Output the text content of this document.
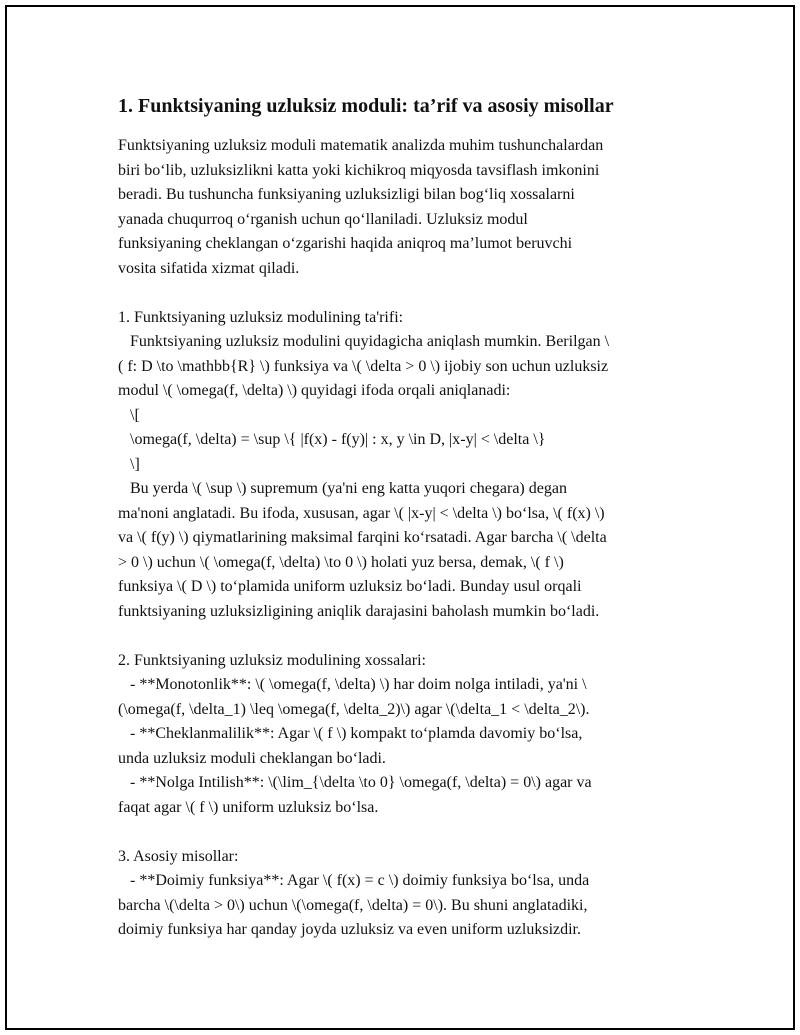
1. Funktsiyaning uzluksiz moduli: ta’rif va asosiy misollar

Funktsiyaning uzluksiz moduli matematik analizda muhim tushunchalardan
biri bo‘lib, uzluksizlikni katta yoki kichikroq miqyosda tavsiflash imkonini
beradi. Bu tushuncha funksiyaning uzluksizligi bilan bog‘liq xossalarni
yanada chuqurroq o‘rganish uchun qo‘llaniladi. Uzluksiz modul
funksiyaning cheklangan o‘zgarishi haqida aniqroq ma’lumot beruvchi
vosita sifatida xizmat qiladi.

1. Funktsiyaning uzluksiz modulining ta'rifi:
Funktsiyaning uzluksiz modulini quyidagicha aniqlash mumkin. Berilgan \
( f: D \to \mathbb{R} \) funksiya va \( \delta > 0 \) ijobiy son uchun uzluksiz
modul \( \omega(f, \delta) \) quyidagi ifoda orqali aniqlanadi:
\[
\omega(f, \delta) = \sup \{ |f(x) - f(y)| : x, y \in D, |x-y| < \delta \}
\]
Bu yerda \( \sup \) supremum (ya'ni eng katta yuqori chegara) degan
ma'noni anglatadi. Bu ifoda, xususan, agar \( |x-y| < \delta \) bo‘lsa, \( f(x) \)
va \( f(y) \) qiymatlarining maksimal farqini ko‘rsatadi. Agar barcha \( \delta
> 0 \) uchun \( \omega(f, \delta) \to 0 \) holati yuz bersa, demak, \( f \)
funksiya \( D \) to‘plamida uniform uzluksiz bo‘ladi. Bunday usul orqali
funktsiyaning uzluksizligining aniqlik darajasini baholash mumkin bo‘ladi.
2. Funktsiyaning uzluksiz modulining xossalari:
- **Monotonlik**: \( \omega(f, \delta) \) har doim nolga intiladi, ya'ni \
(\omega(f, \delta_1) \leq \omega(f, \delta_2)\) agar \(\delta_1 < \delta_2\).
- **Cheklanmalilik**: Agar \( f \) kompakt to‘plamda davomiy bo‘lsa,
unda uzluksiz moduli cheklangan bo‘ladi.
- **Nolga Intilish**: \(\lim_{\delta \to 0} \omega(f, \delta) = 0\) agar va
faqat agar \( f \) uniform uzluksiz bo‘lsa.
3. Asosiy misollar:
- **Doimiy funksiya**: Agar \( f(x) = c \) doimiy funksiya bo‘lsa, unda
barcha \(\delta > 0\) uchun \(\omega(f, \delta) = 0\). Bu shuni anglatadiki,
doimiy funksiya har qanday joyda uzluksiz va even uniform uzluksizdir.
